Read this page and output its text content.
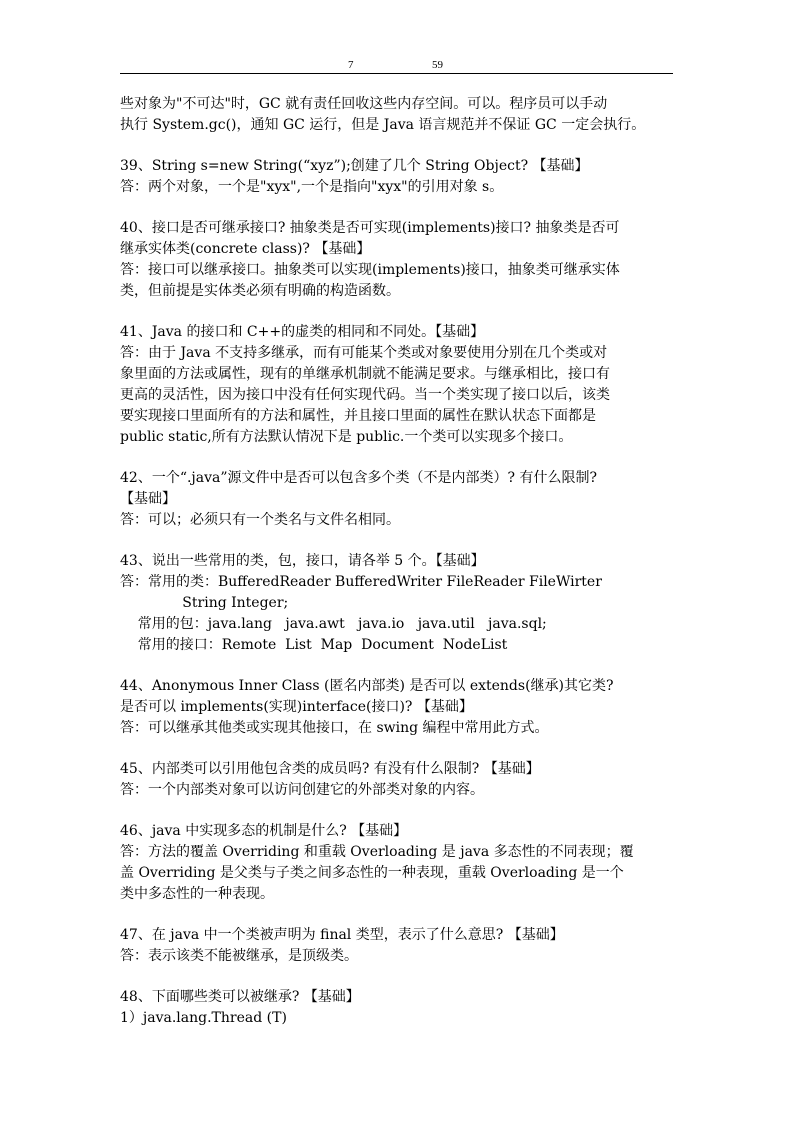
7	59

些对象为"不可达"时，GC 就有责任回收这些内存空间。可以。程序员可以手动

执行 System.gc()，通知 GC 运行，但是 Java 语言规范并不保证 GC 一定会执行。

39、String s=new String(“xyz”);创建了几个 String Object? 【基础】

答：两个对象，一个是"xyx",一个是指向"xyx"的引用对象 s。

40、接口是否可继承接口? 抽象类是否可实现(implements)接口? 抽象类是否可

继承实体类(concrete class)? 【基础】

答：接口可以继承接口。抽象类可以实现(implements)接口，抽象类可继承实体

类，但前提是实体类必须有明确的构造函数。

41、Java 的接口和 C++的虚类的相同和不同处。【基础】

答：由于 Java 不支持多继承，而有可能某个类或对象要使用分别在几个类或对

象里面的方法或属性，现有的单继承机制就不能满足要求。与继承相比，接口有

更高的灵活性，因为接口中没有任何实现代码。当一个类实现了接口以后，该类

要实现接口里面所有的方法和属性，并且接口里面的属性在默认状态下面都是

public static,所有方法默认情况下是 public.一个类可以实现多个接口。

42、一个“.java”源文件中是否可以包含多个类（不是内部类）? 有什么限制?

【基础】

答：可以；必须只有一个类名与文件名相同。

43、说出一些常用的类，包，接口，请各举 5 个。【基础】

答：常用的类：BufferedReader BufferedWriter FileReader FileWirter

String Integer;

常用的包：java.lang   java.awt   java.io   java.util   java.sql;

常用的接口：Remote  List  Map  Document  NodeList

44、Anonymous Inner Class (匿名内部类) 是否可以 extends(继承)其它类?

是否可以 implements(实现)interface(接口)? 【基础】

答：可以继承其他类或实现其他接口，在 swing 编程中常用此方式。

45、内部类可以引用他包含类的成员吗? 有没有什么限制? 【基础】

答：一个内部类对象可以访问创建它的外部类对象的内容。

46、java 中实现多态的机制是什么? 【基础】

答：方法的覆盖 Overriding 和重载 Overloading 是 java 多态性的不同表现；覆

盖 Overriding 是父类与子类之间多态性的一种表现，重载 Overloading 是一个

类中多态性的一种表现。

47、在 java 中一个类被声明为 final 类型，表示了什么意思? 【基础】

答：表示该类不能被继承，是顶级类。

48、下面哪些类可以被继承? 【基础】

1）java.lang.Thread (T)
